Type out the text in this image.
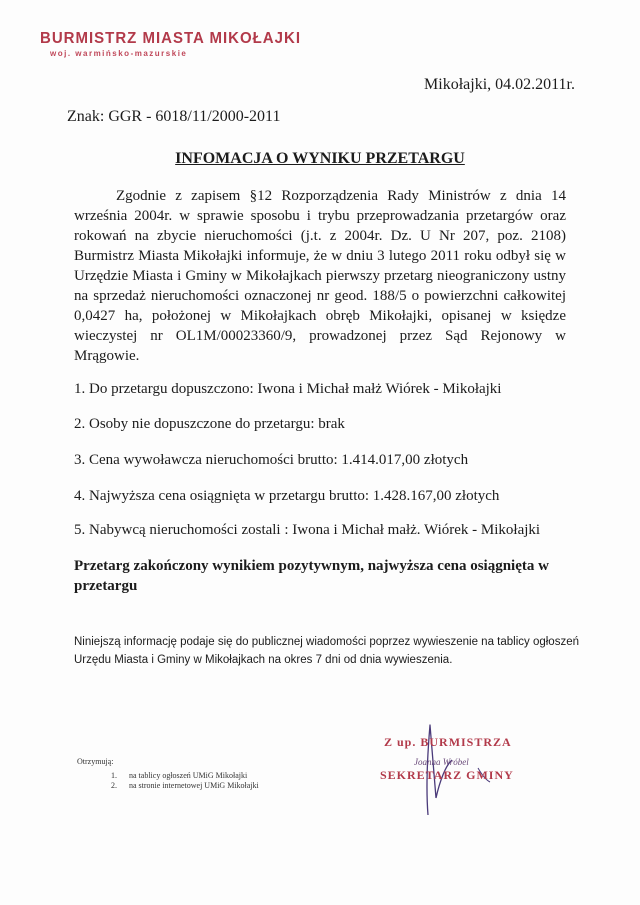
BURMISTRZ MIASTA MIKOŁAJKI
woj. warmińsko-mazurskie
Mikołajki, 04.02.2011r.
Znak: GGR - 6018/11/2000-2011
INFOMACJA O WYNIKU PRZETARGU
Zgodnie z zapisem §12 Rozporządzenia Rady Ministrów z dnia 14 września 2004r. w sprawie sposobu i trybu przeprowadzania przetargów oraz rokowań na zbycie nieruchomości (j.t. z 2004r. Dz. U Nr 207, poz. 2108) Burmistrz Miasta Mikołajki informuje, że w dniu 3 lutego 2011 roku odbył się w Urzędzie Miasta i Gminy w Mikołajkach pierwszy przetarg nieograniczony ustny na sprzedaż nieruchomości oznaczonej nr geod. 188/5 o powierzchni całkowitej 0,0427 ha, położonej w Mikołajkach obręb Mikołajki, opisanej w księdze wieczystej nr OL1M/00023360/9, prowadzonej przez Sąd Rejonowy w Mrągowie.
1. Do przetargu dopuszczono: Iwona i Michał małż Wiórek - Mikołajki
2. Osoby nie dopuszczone do przetargu: brak
3. Cena wywoławcza nieruchomości brutto: 1.414.017,00 złotych
4. Najwyższa cena osiągnięta w przetargu brutto: 1.428.167,00 złotych
5. Nabywcą nieruchomości zostali : Iwona i Michał małż. Wiórek - Mikołajki
Przetarg zakończony wynikiem pozytywnym, najwyższa cena osiągnięta w przetargu
Niniejszą informację podaje się do publicznej wiadomości poprzez wywieszenie na tablicy ogłoszeń Urzędu Miasta i Gminy w Mikołajkach na okres 7 dni od dnia wywieszenia.
Otrzymują:
1.	na tablicy ogłoszeń UMiG Mikołajki
2.	na stronie internetowej UMiG Mikołajki
Z up. BURMISTRZA
Joanna Wróbel
SEKRETARZ GMINY
